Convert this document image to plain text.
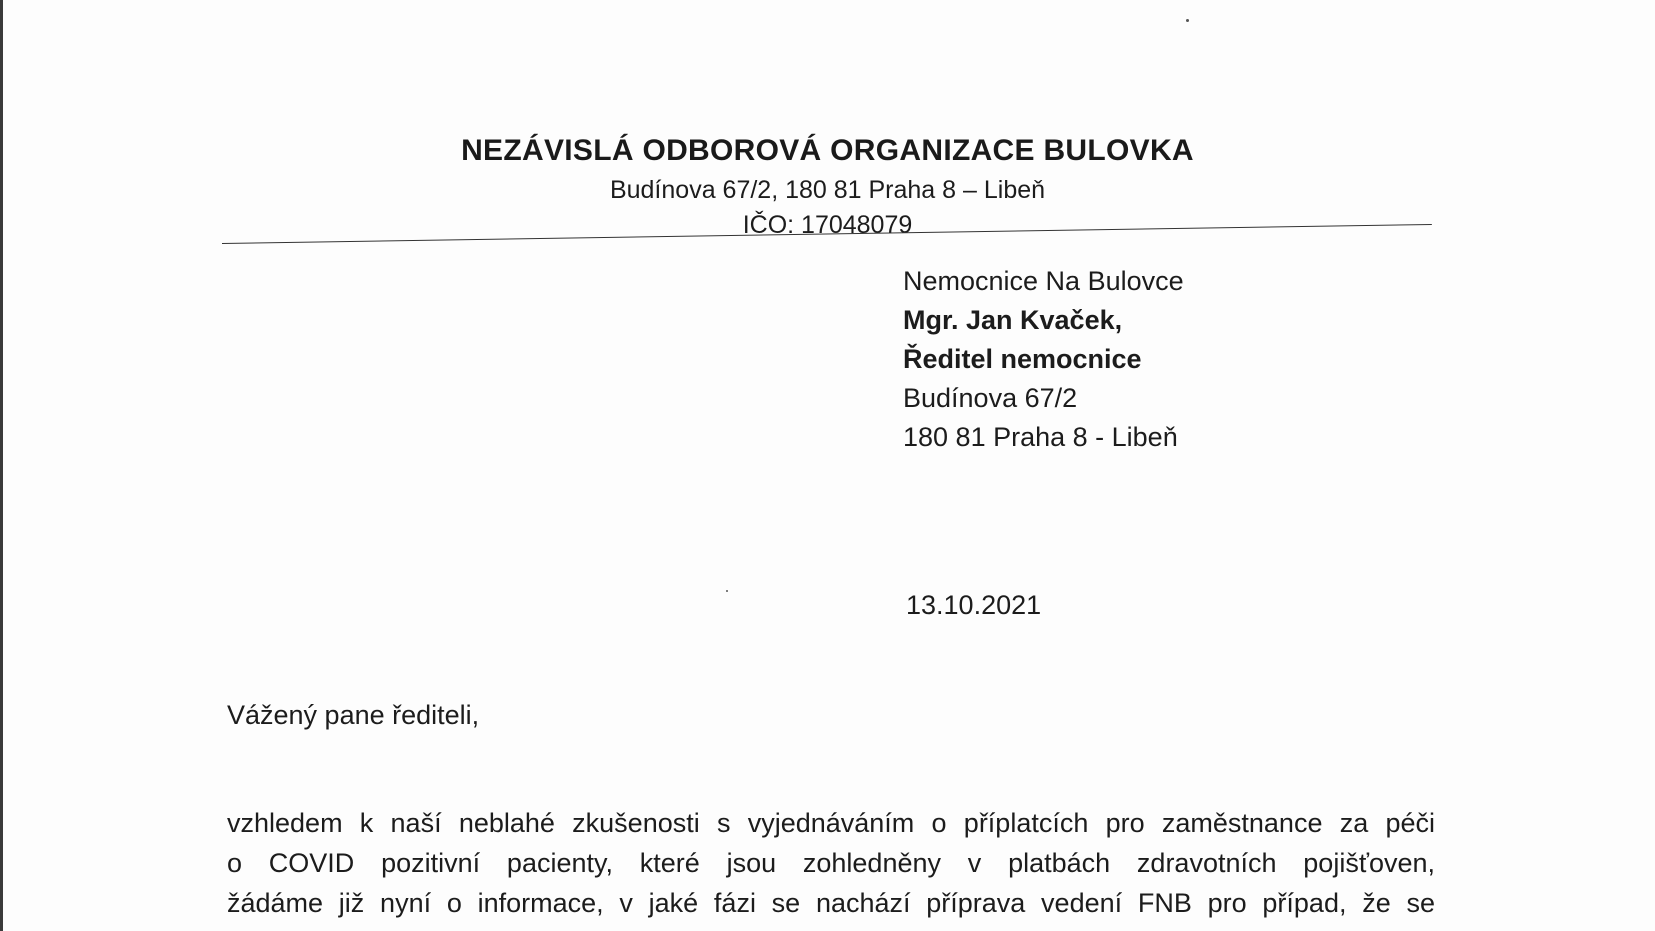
NEZÁVISLÁ ODBOROVÁ ORGANIZACE BULOVKA
Budínova 67/2, 180 81 Praha 8 – Libeň
IČO: 17048079
Nemocnice Na Bulovce
Mgr. Jan Kvaček,
Ředitel nemocnice
Budínova 67/2
180 81 Praha 8 - Libeň
13.10.2021
Vážený pane řediteli,
vzhledem k naší neblahé zkušenosti s vyjednáváním o příplatcích pro zaměstnance za péči
o COVID pozitivní pacienty, které jsou zohledněny v platbách zdravotních pojišťoven,
žádáme již nyní o informace, v jaké fázi se nachází příprava vedení FNB pro případ, že se
